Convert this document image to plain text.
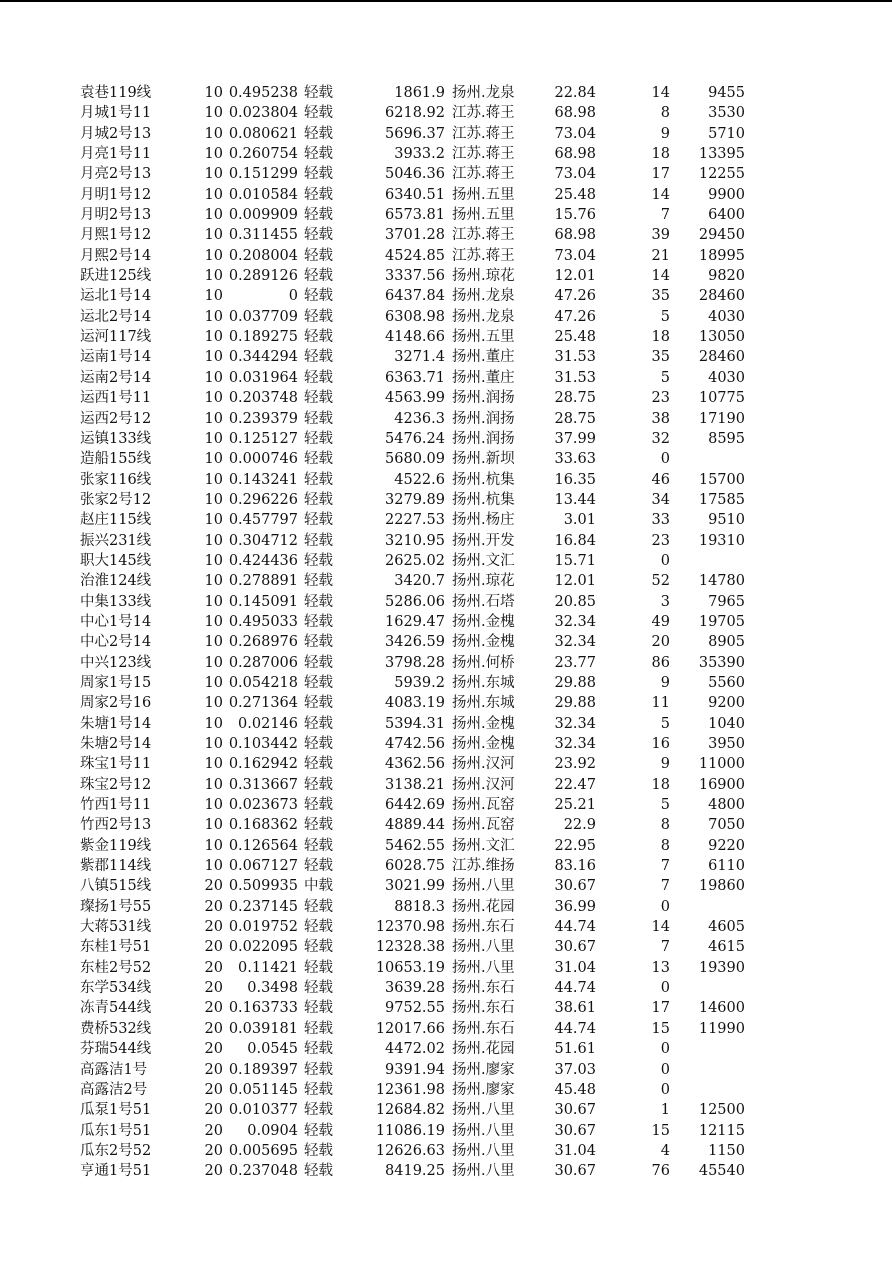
袁巷119线	10 0.495238 轻载	1861.9 扬州.龙泉	22.84	14	9455
月城1号11	10 0.023804 轻载	6218.92 江苏.蒋王	68.98	8	3530
月城2号13	10 0.080621 轻载	5696.37 江苏.蒋王	73.04	9	5710
月亮1号11	10 0.260754 轻载	3933.2 江苏.蒋王	68.98	18	13395
月亮2号13	10 0.151299 轻载	5046.36 江苏.蒋王	73.04	17	12255
月明1号12	10 0.010584 轻载	6340.51 扬州.五里	25.48	14	9900
月明2号13	10 0.009909 轻载	6573.81 扬州.五里	15.76	7	6400
月熙1号12	10 0.311455 轻载	3701.28 江苏.蒋王	68.98	39	29450
月熙2号14	10 0.208004 轻载	4524.85 江苏.蒋王	73.04	21	18995
跃进125线	10 0.289126 轻载	3337.56 扬州.琼花	12.01	14	9820
运北1号14	10	0 轻载	6437.84 扬州.龙泉	47.26	35	28460
运北2号14	10 0.037709 轻载	6308.98 扬州.龙泉	47.26	5	4030
运河117线	10 0.189275 轻载	4148.66 扬州.五里	25.48	18	13050
运南1号14	10 0.344294 轻载	3271.4 扬州.董庄	31.53	35	28460
运南2号14	10 0.031964 轻载	6363.71 扬州.董庄	31.53	5	4030
运西1号11	10 0.203748 轻载	4563.99 扬州.润扬	28.75	23	10775
运西2号12	10 0.239379 轻载	4236.3 扬州.润扬	28.75	38	17190
运镇133线	10 0.125127 轻载	5476.24 扬州.润扬	37.99	32	8595
造船155线	10 0.000746 轻载	5680.09 扬州.新坝	33.63	0
张家116线	10 0.143241 轻载	4522.6 扬州.杭集	16.35	46	15700
张家2号12	10 0.296226 轻载	3279.89 扬州.杭集	13.44	34	17585
赵庄115线	10 0.457797 轻载	2227.53 扬州.杨庄	3.01	33	9510
振兴231线	10 0.304712 轻载	3210.95 扬州.开发	16.84	23	19310
职大145线	10 0.424436 轻载	2625.02 扬州.文汇	15.71	0
治淮124线	10 0.278891 轻载	3420.7 扬州.琼花	12.01	52	14780
中集133线	10 0.145091 轻载	5286.06 扬州.石塔	20.85	3	7965
中心1号14	10 0.495033 轻载	1629.47 扬州.金槐	32.34	49	19705
中心2号14	10 0.268976 轻载	3426.59 扬州.金槐	32.34	20	8905
中兴123线	10 0.287006 轻载	3798.28 扬州.何桥	23.77	86	35390
周家1号15	10 0.054218 轻载	5939.2 扬州.东城	29.88	9	5560
周家2号16	10 0.271364 轻载	4083.19 扬州.东城	29.88	11	9200
朱塘1号14	10	0.02146 轻载	5394.31 扬州.金槐	32.34	5	1040
朱塘2号14	10 0.103442 轻载	4742.56 扬州.金槐	32.34	16	3950
珠宝1号11	10 0.162942 轻载	4362.56 扬州.汉河	23.92	9	11000
珠宝2号12	10 0.313667 轻载	3138.21 扬州.汉河	22.47	18	16900
竹西1号11	10 0.023673 轻载	6442.69 扬州.瓦窑	25.21	5	4800
竹西2号13	10 0.168362 轻载	4889.44 扬州.瓦窑	22.9	8	7050
紫金119线	10 0.126564 轻载	5462.55 扬州.文汇	22.95	8	9220
紫郡114线	10 0.067127 轻载	6028.75 江苏.维扬	83.16	7	6110
八镇515线	20 0.509935 中载	3021.99 扬州.八里	30.67	7	19860
璨扬1号55	20 0.237145 轻载	8818.3 扬州.花园	36.99	0
大蒋531线	20 0.019752 轻载	12370.98 扬州.东石	44.74	14	4605
东桂1号51	20 0.022095 轻载	12328.38 扬州.八里	30.67	7	4615
东桂2号52	20	0.11421 轻载	10653.19 扬州.八里	31.04	13	19390
东学534线	20	0.3498 轻载	3639.28 扬州.东石	44.74	0
冻青544线	20 0.163733 轻载	9752.55 扬州.东石	38.61	17	14600
费桥532线	20 0.039181 轻载	12017.66 扬州.东石	44.74	15	11990
芬瑞544线	20	0.0545 轻载	4472.02 扬州.花园	51.61	0
高露洁1号	20 0.189397 轻载	9391.94 扬州.廖家	37.03	0
高露洁2号	20 0.051145 轻载	12361.98 扬州.廖家	45.48	0
瓜泵1号51	20 0.010377 轻载	12684.82 扬州.八里	30.67	1	12500
瓜东1号51	20	0.0904 轻载	11086.19 扬州.八里	30.67	15	12115
瓜东2号52	20 0.005695 轻载	12626.63 扬州.八里	31.04	4	1150
亨通1号51	20 0.237048 轻载	8419.25 扬州.八里	30.67	76	45540
